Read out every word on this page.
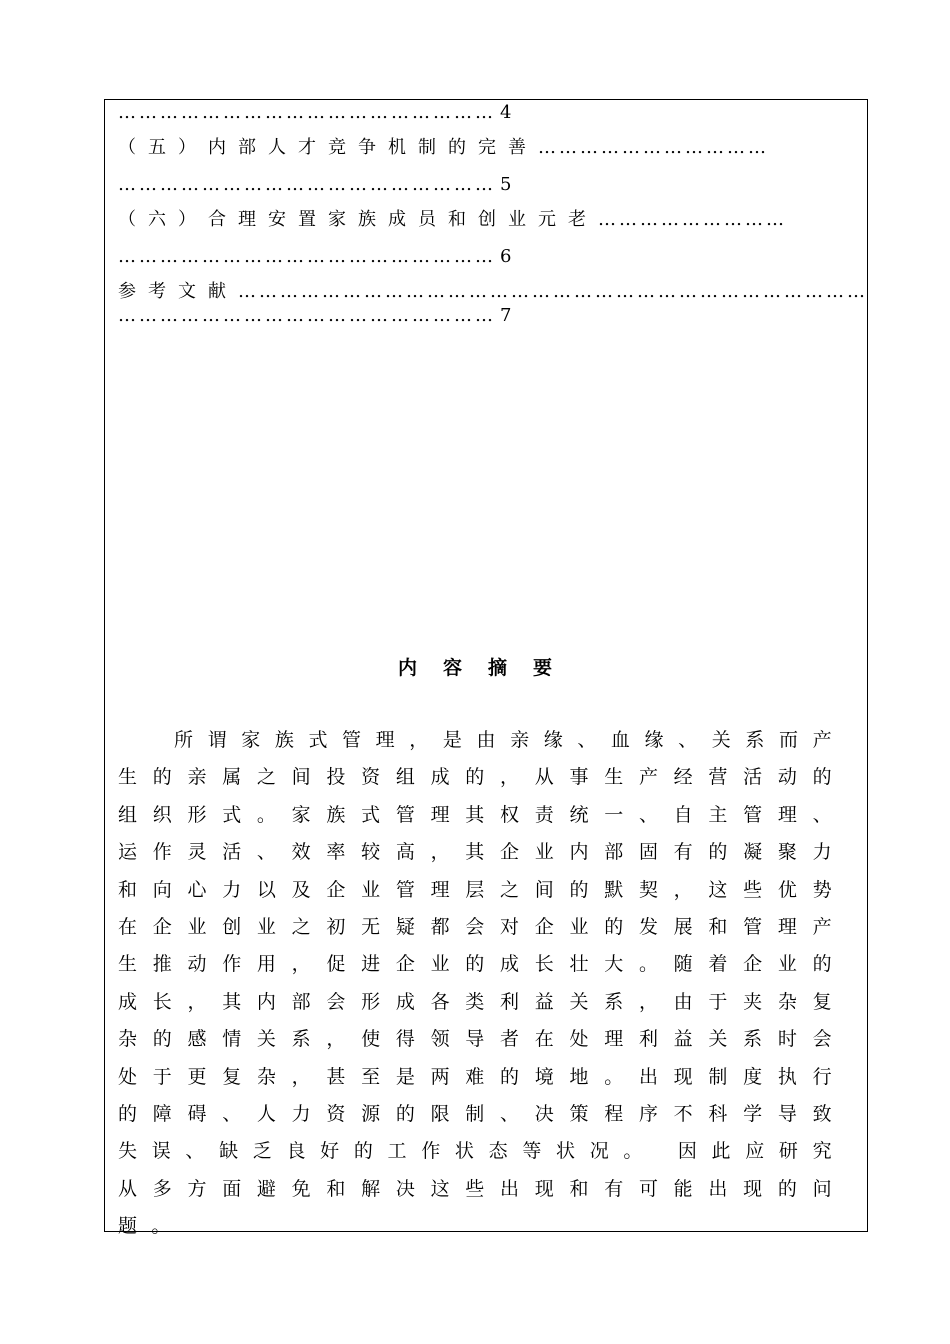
……………………………………………… 4
（五）内部人才竞争机制的完善……………………………
……………………………………………… 5
（六）合理安置家族成员和创业元老………………………
……………………………………………… 6
参考文献………………………………………………………………………………
……………………………………………… 7
内容摘要
所谓家族式管理，是由亲缘、血缘、关系而产生的亲属之间投资组成的，从事生产经营活动的组织形式。家族式管理其权责统一、自主管理、运作灵活、效率较高，其企业内部固有的凝聚力和向心力以及企业管理层之间的默契，这些优势在企业创业之初无疑都会对企业的发展和管理产生推动作用，促进企业的成长壮大。随着企业的成长，其内部会形成各类利益关系，由于夹杂复杂的感情关系，使得领导者在处理利益关系时会处于更复杂，甚至是两难的境地。出现制度执行的障碍、人力资源的限制、决策程序不科学导致失误、缺乏良好的工作状态等状况。 因此应研究从多方面避免和解决这些出现和有可能出现的问题。
